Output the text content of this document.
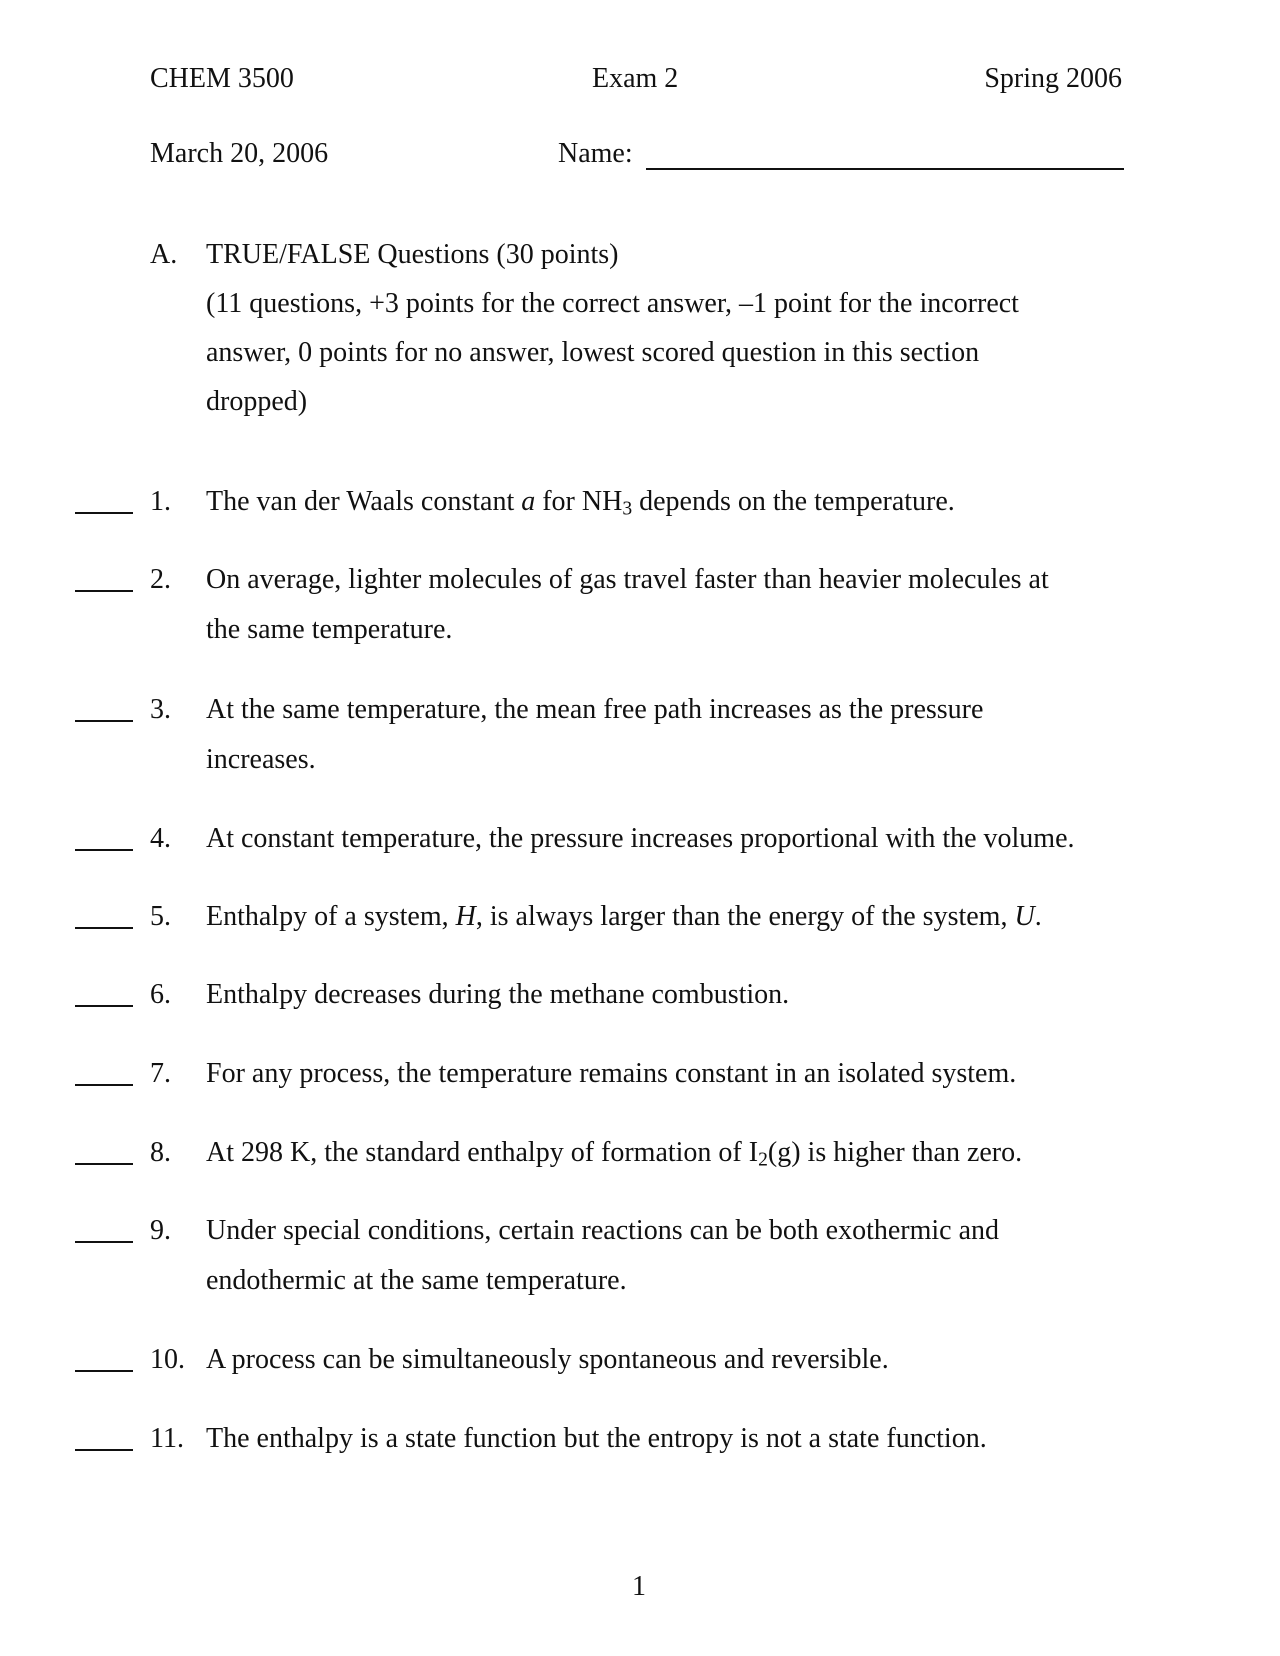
CHEM 3500	Exam 2	Spring 2006
March 20, 2006	Name:
A. TRUE/FALSE Questions (30 points)
(11 questions, +3 points for the correct answer, –1 point for the incorrect
answer, 0 points for no answer, lowest scored question in this section
dropped)
1. The van der Waals constant a for $NH_3$ depends on the temperature.
2. On average, lighter molecules of gas travel faster than heavier molecules at
the same temperature.
3. At the same temperature, the mean free path increases as the pressure
increases.
4. At constant temperature, the pressure increases proportional with the volume.
5. Enthalpy of a system, H, is always larger than the energy of the system, U.
6. Enthalpy decreases during the methane combustion.
7. For any process, the temperature remains constant in an isolated system.
8. At 298 K, the standard enthalpy of formation of $I_2(g)$ is higher than zero.
9. Under special conditions, certain reactions can be both exothermic and
endothermic at the same temperature.
10. A process can be simultaneously spontaneous and reversible.
11. The enthalpy is a state function but the entropy is not a state function.
1
